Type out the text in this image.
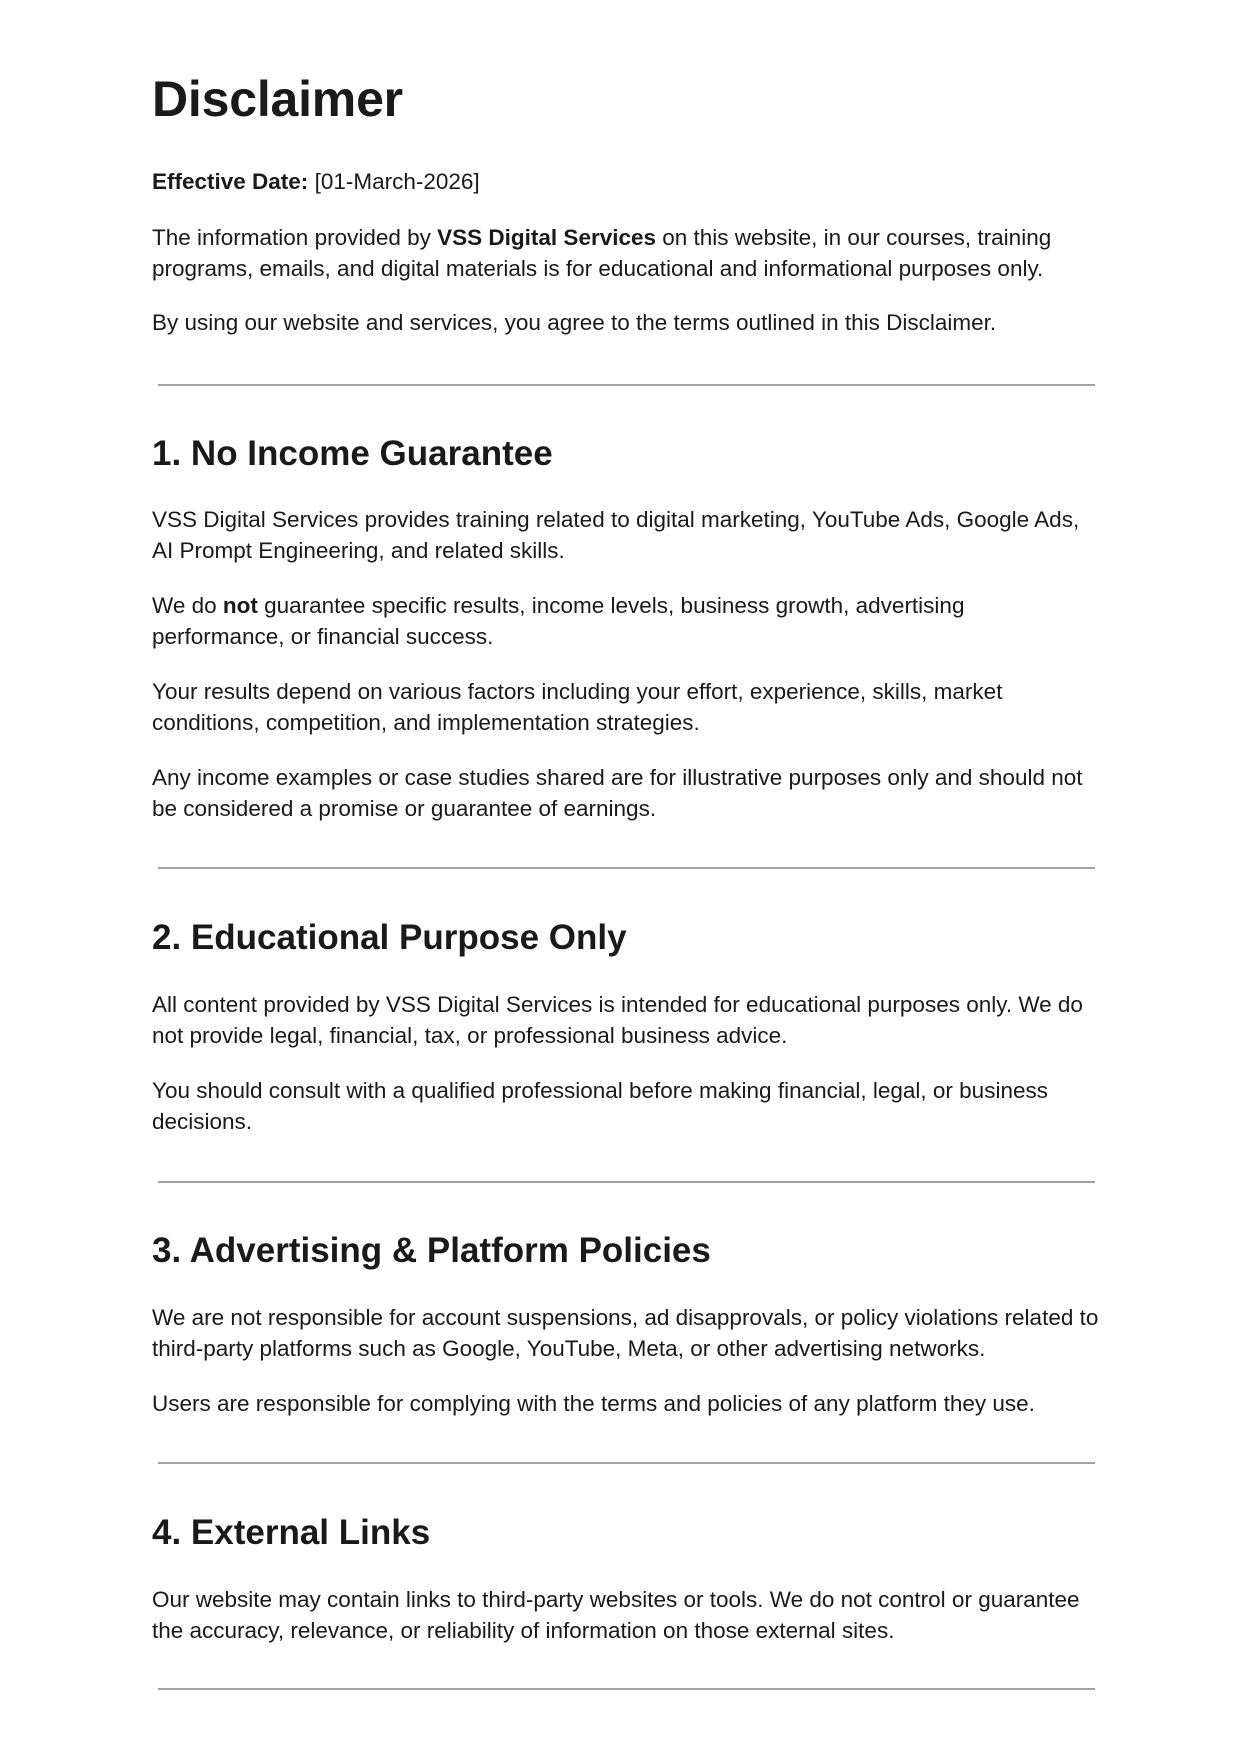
Disclaimer

Effective Date: [01-March-2026]

The information provided by VSS Digital Services on this website, in our courses, training programs, emails, and digital materials is for educational and informational purposes only.

By using our website and services, you agree to the terms outlined in this Disclaimer.

1. No Income Guarantee

VSS Digital Services provides training related to digital marketing, YouTube Ads, Google Ads, AI Prompt Engineering, and related skills.

We do not guarantee specific results, income levels, business growth, advertising performance, or financial success.

Your results depend on various factors including your effort, experience, skills, market conditions, competition, and implementation strategies.

Any income examples or case studies shared are for illustrative purposes only and should not be considered a promise or guarantee of earnings.

2. Educational Purpose Only

All content provided by VSS Digital Services is intended for educational purposes only. We do not provide legal, financial, tax, or professional business advice.

You should consult with a qualified professional before making financial, legal, or business decisions.

3. Advertising & Platform Policies

We are not responsible for account suspensions, ad disapprovals, or policy violations related to third-party platforms such as Google, YouTube, Meta, or other advertising networks.

Users are responsible for complying with the terms and policies of any platform they use.

4. External Links

Our website may contain links to third-party websites or tools. We do not control or guarantee the accuracy, relevance, or reliability of information on those external sites.
